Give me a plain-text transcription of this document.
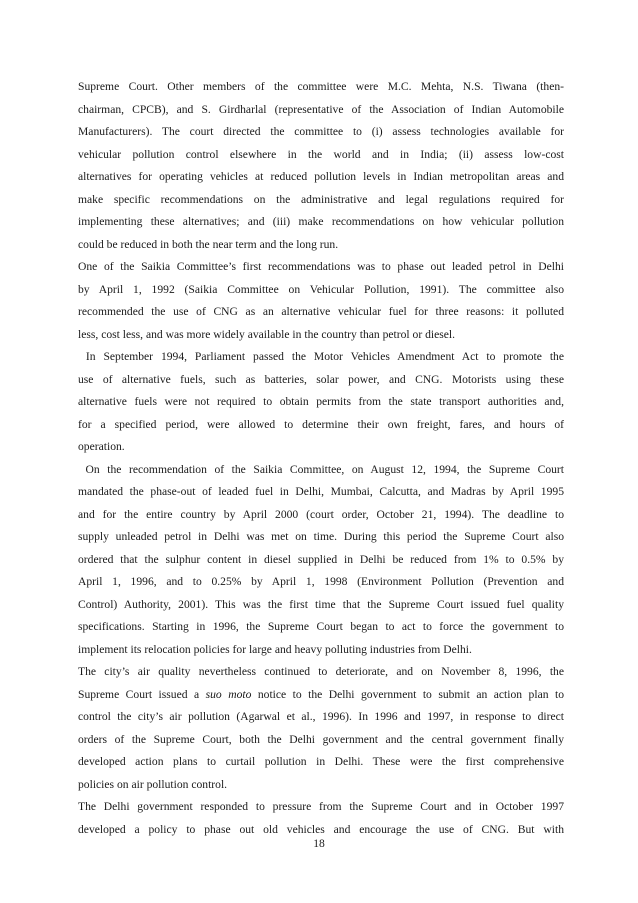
Supreme Court. Other members of the committee were M.C. Mehta, N.S. Tiwana (then-
chairman, CPCB), and S. Girdharlal (representative of the Association of Indian Automobile
Manufacturers). The court directed the committee to (i) assess technologies available for
vehicular pollution control elsewhere in the world and in India; (ii) assess low-cost
alternatives for operating vehicles at reduced pollution levels in Indian metropolitan areas and
make specific recommendations on the administrative and legal regulations required for
implementing these alternatives; and (iii) make recommendations on how vehicular pollution
could be reduced in both the near term and the long run.
One of the Saikia Committee’s first recommendations was to phase out leaded petrol in Delhi
by April 1, 1992 (Saikia Committee on Vehicular Pollution, 1991). The committee also
recommended the use of CNG as an alternative vehicular fuel for three reasons: it polluted
less, cost less, and was more widely available in the country than petrol or diesel.
In September 1994, Parliament passed the Motor Vehicles Amendment Act to promote the
use of alternative fuels, such as batteries, solar power, and CNG. Motorists using these
alternative fuels were not required to obtain permits from the state transport authorities and,
for a specified period, were allowed to determine their own freight, fares, and hours of
operation.
On the recommendation of the Saikia Committee, on August 12, 1994, the Supreme Court
mandated the phase-out of leaded fuel in Delhi, Mumbai, Calcutta, and Madras by April 1995
and for the entire country by April 2000 (court order, October 21, 1994). The deadline to
supply unleaded petrol in Delhi was met on time. During this period the Supreme Court also
ordered that the sulphur content in diesel supplied in Delhi be reduced from 1% to 0.5% by
April 1, 1996, and to 0.25% by April 1, 1998 (Environment Pollution (Prevention and
Control) Authority, 2001). This was the first time that the Supreme Court issued fuel quality
specifications. Starting in 1996, the Supreme Court began to act to force the government to
implement its relocation policies for large and heavy polluting industries from Delhi.
The city’s air quality nevertheless continued to deteriorate, and on November 8, 1996, the
Supreme Court issued a suo moto notice to the Delhi government to submit an action plan to
control the city’s air pollution (Agarwal et al., 1996). In 1996 and 1997, in response to direct
orders of the Supreme Court, both the Delhi government and the central government finally
developed action plans to curtail pollution in Delhi. These were the first comprehensive
policies on air pollution control.
The Delhi government responded to pressure from the Supreme Court and in October 1997
developed a policy to phase out old vehicles and encourage the use of CNG. But with
18
